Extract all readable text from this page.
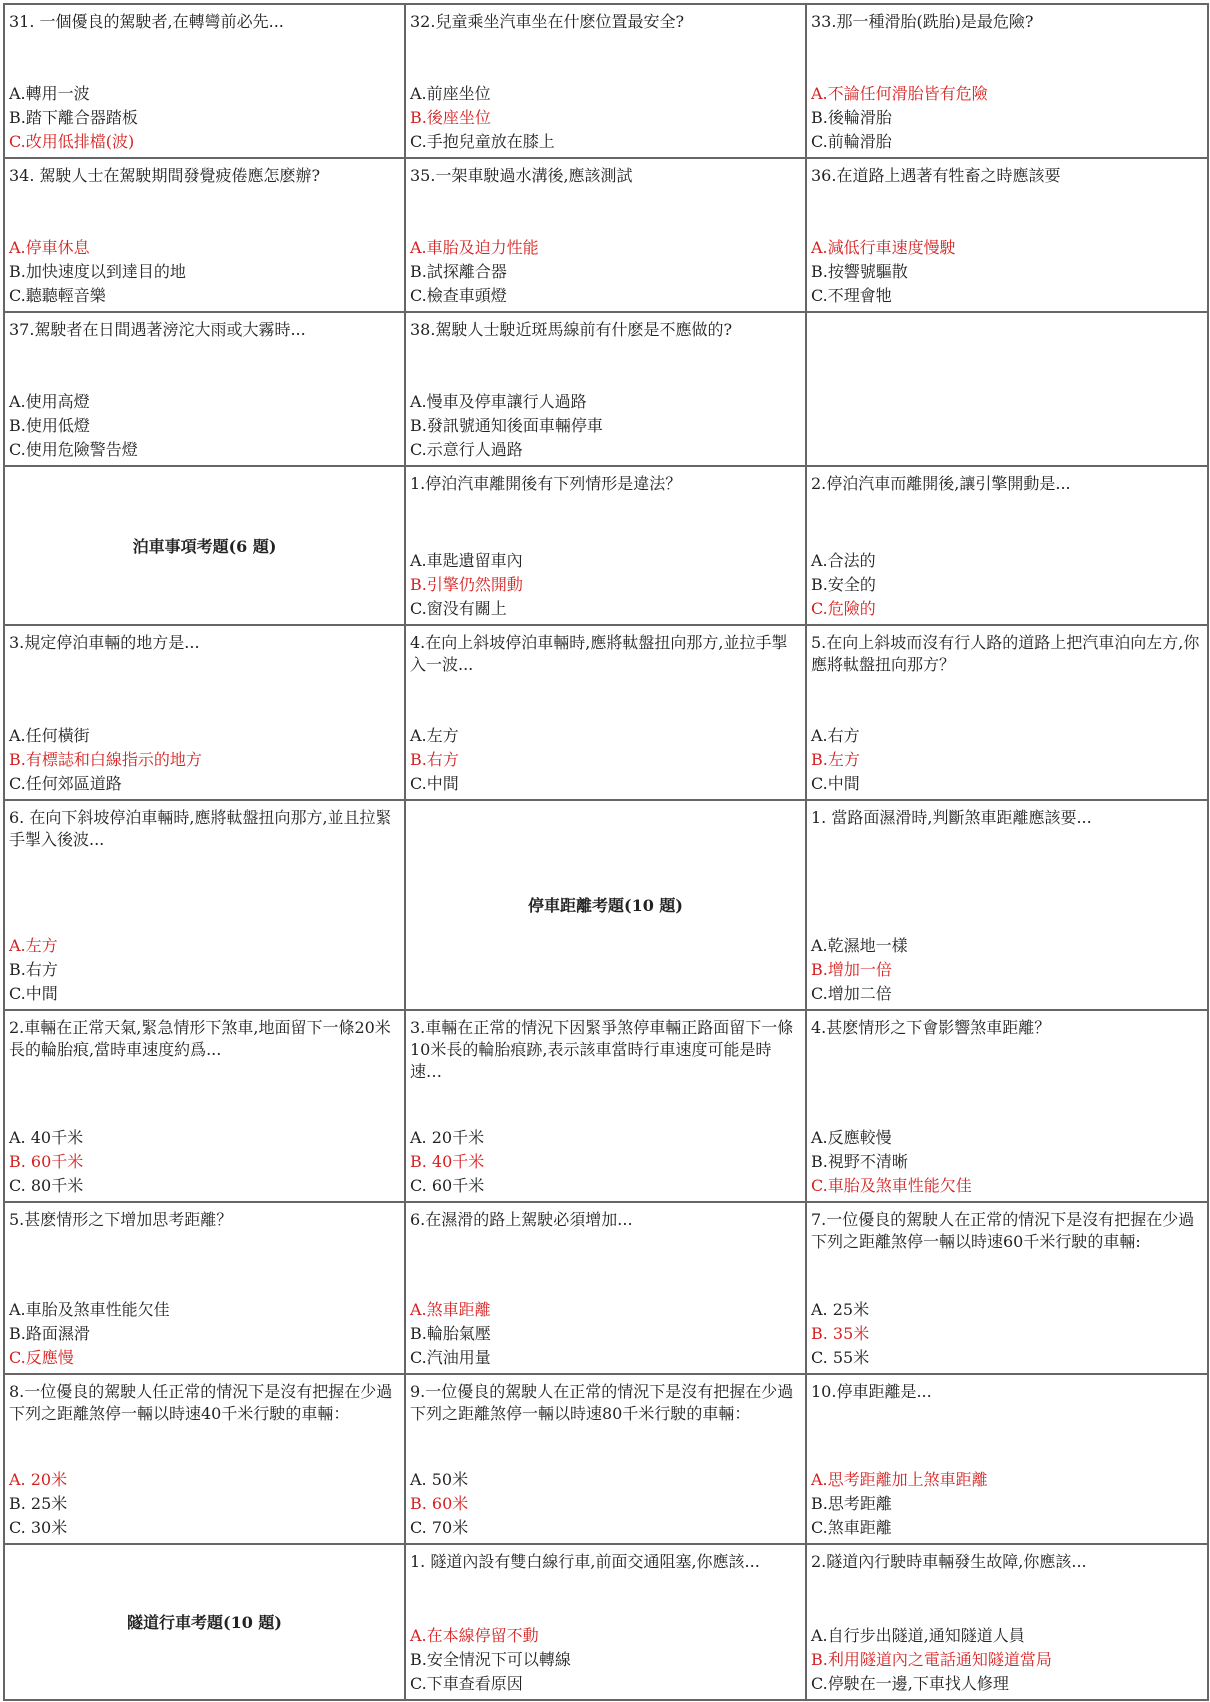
31. 一個優良的駕駛者,在轉彎前必先...
A.轉用一波
B.踏下離合器踏板
C.改用低排檔(波)
32.兒童乘坐汽車坐在什麽位置最安全?
A.前座坐位
B.後座坐位
C.手抱兒童放在膝上
33.那一種滑胎(跣胎)是最危險?
A.不論任何滑胎皆有危險
B.後輪滑胎
C.前輪滑胎
34. 駕駛人士在駕駛期間發覺疲倦應怎麽辦?
A.停車休息
B.加快速度以到達目的地
C.聽聽輕音樂
35.一架車駛過水溝後,應該測試
A.車胎及迫力性能
B.試探離合器
C.檢查車頭燈
36.在道路上遇著有牲畜之時應該要
A.減低行車速度慢駛
B.按響號驅散
C.不理會牠
37.駕駛者在日間遇著滂沱大雨或大霧時...
A.使用高燈
B.使用低燈
C.使用危險警告燈
38.駕駛人士駛近斑馬線前有什麽是不應做的?
A.慢車及停車讓行人過路
B.發訊號通知後面車輛停車
C.示意行人過路
泊車事項考題(6 題)
1.停泊汽車離開後有下列情形是違法？
A.車匙遺留車內
B.引擎仍然開動
C.窗没有關上
2.停泊汽車而離開後,讓引擎開動是...
A.合法的
B.安全的
C.危險的
3.規定停泊車輛的地方是...
A.任何橫街
B.有標誌和白線指示的地方
C.任何郊區道路
4.在向上斜坡停泊車輛時,應將軚盤扭向那方,並拉手掣入一波...
A.左方
B.右方
C.中間
5.在向上斜坡而沒有行人路的道路上把汽車泊向左方,你應將軚盤扭向那方？
A.右方
B.左方
C.中間
6. 在向下斜坡停泊車輛時,應將軚盤扭向那方,並且拉緊手掣入後波...
A.左方
B.右方
C.中間
停車距離考題(10 題)
1. 當路面濕滑時,判斷煞車距離應該要...
A.乾濕地一樣
B.增加一倍
C.增加二倍
2.車輛在正常天氣,緊急情形下煞車,地面留下一條20米長的輪胎痕,當時車速度約爲...
A. 40千米
B. 60千米
C. 80千米
3.車輛在正常的情況下因緊爭煞停車輛正路面留下一條10米長的輪胎痕跡,表示該車當時行車速度可能是時速…
A. 20千米
B. 40千米
C. 60千米
4.甚麽情形之下會影響煞車距離？
A.反應較慢
B.視野不清晰
C.車胎及煞車性能欠佳
5.甚麽情形之下增加思考距離？
A.車胎及煞車性能欠佳
B.路面濕滑
C.反應慢
6.在濕滑的路上駕駛必須增加...
A.煞車距離
B.輪胎氣壓
C.汽油用量
7.一位優良的駕駛人在正常的情況下是沒有把握在少過下列之距離煞停一輛以時速60千米行駛的車輛:
A. 25米
B. 35米
C. 55米
8.一位優良的駕駛人任正常的情況下是沒有把握在少過下列之距離煞停一輛以時速40千米行駛的車輛：
A. 20米
B. 25米
C. 30米
9.一位優良的駕駛人在正常的情況下是沒有把握在少過下列之距離煞停一輛以時速80千米行駛的車輛：
A. 50米
B. 60米
C. 70米
10.停車距離是...
A.思考距離加上煞車距離
B.思考距離
C.煞車距離
隧道行車考題(10 題)
1. 隧道內設有雙白線行車,前面交通阻塞,你應該...
A.在本線停留不動
B.安全情況下可以轉線
C.下車查看原因
2.隧道內行駛時車輛發生故障,你應該...
A.自行步出隧道,通知隧道人員
B.利用隧道內之電話通知隧道當局
C.停駛在一邊,下車找人修理
